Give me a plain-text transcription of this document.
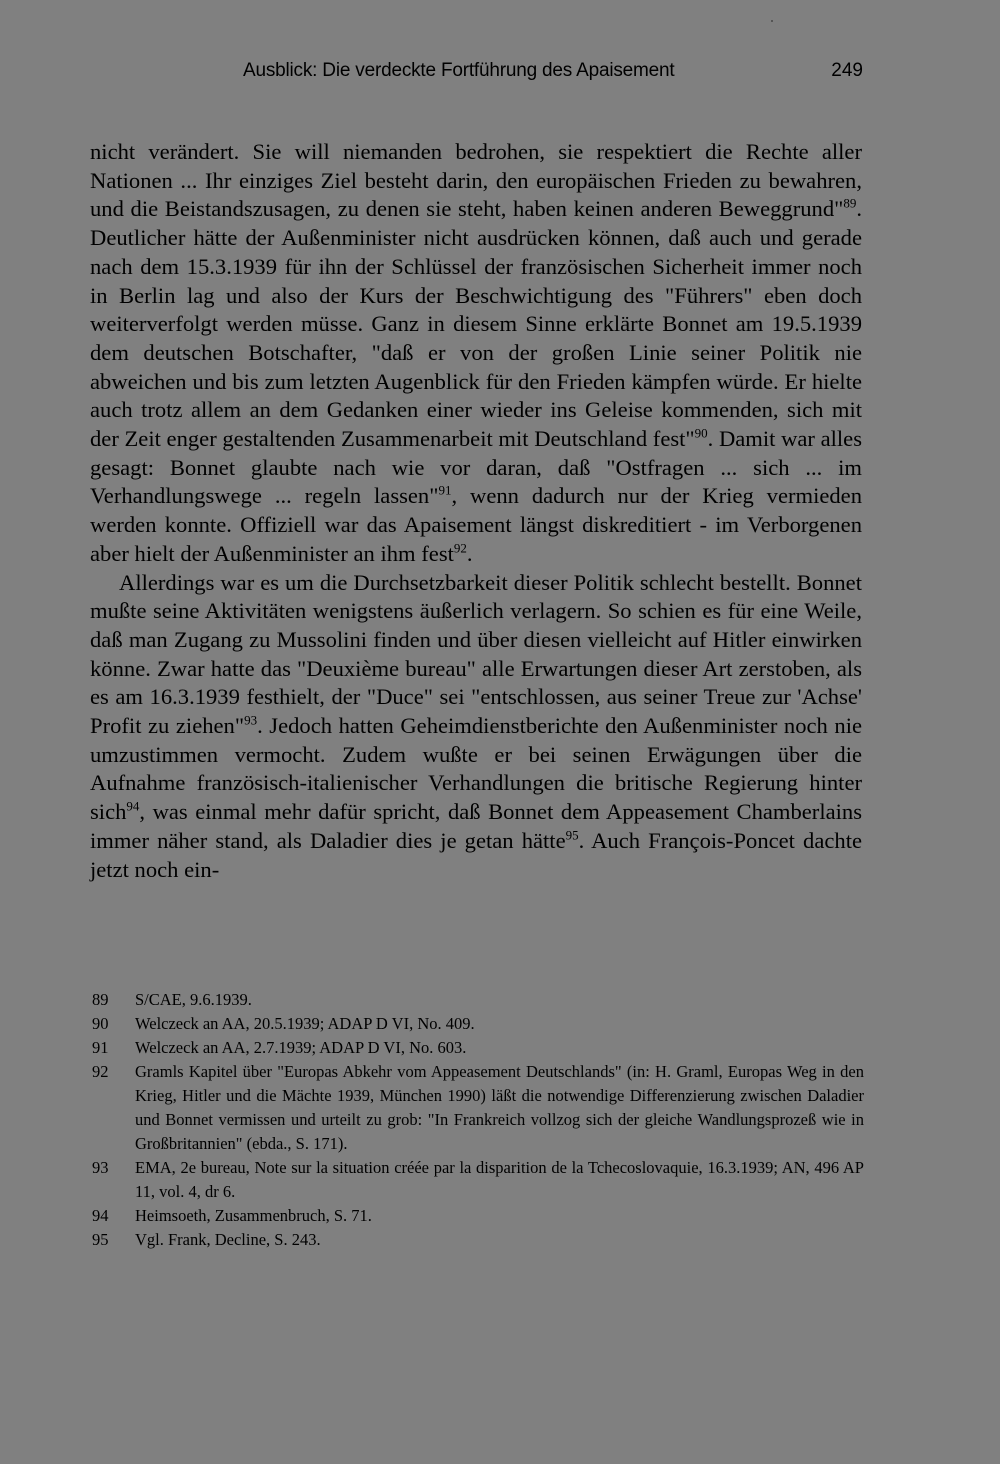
Ausblick: Die verdeckte Fortführung des Apaisement	249

nicht verändert. Sie will niemanden bedrohen, sie respektiert die Rechte aller Nationen ... Ihr einziges Ziel besteht darin, den europäischen Frieden zu bewahren, und die Beistandszusagen, zu denen sie steht, haben keinen anderen Beweggrund"$^{89}$. Deutlicher hätte der Außenminister nicht ausdrücken können, daß auch und gerade nach dem 15.3.1939 für ihn der Schlüssel der französischen Sicherheit immer noch in Berlin lag und also der Kurs der Beschwichtigung des "Führers" eben doch weiterverfolgt werden müsse. Ganz in diesem Sinne erklärte Bonnet am 19.5.1939 dem deutschen Botschafter, "daß er von der großen Linie seiner Politik nie abweichen und bis zum letzten Augenblick für den Frieden kämpfen würde. Er hielte auch trotz allem an dem Gedanken einer wieder ins Geleise kommenden, sich mit der Zeit enger gestaltenden Zusammenarbeit mit Deutschland fest"$^{90}$. Damit war alles gesagt: Bonnet glaubte nach wie vor daran, daß "Ostfragen ... sich ... im Verhandlungswege ... regeln lassen"$^{91}$, wenn dadurch nur der Krieg vermieden werden konnte. Offiziell war das Apaisement längst diskreditiert - im Verborgenen aber hielt der Außenminister an ihm fest$^{92}$.

Allerdings war es um die Durchsetzbarkeit dieser Politik schlecht bestellt. Bonnet mußte seine Aktivitäten wenigstens äußerlich verlagern. So schien es für eine Weile, daß man Zugang zu Mussolini finden und über diesen vielleicht auf Hitler einwirken könne. Zwar hatte das "Deuxième bureau" alle Erwartungen dieser Art zerstoben, als es am 16.3.1939 festhielt, der "Duce" sei "entschlossen, aus seiner Treue zur 'Achse' Profit zu ziehen"$^{93}$. Jedoch hatten Geheimdienstberichte den Außenminister noch nie umzustimmen vermocht. Zudem wußte er bei seinen Erwägungen über die Aufnahme französisch-italienischer Verhandlungen die britische Regierung hinter sich$^{94}$, was einmal mehr dafür spricht, daß Bonnet dem Appeasement Chamberlains immer näher stand, als Daladier dies je getan hätte$^{95}$. Auch François-Poncet dachte jetzt noch ein-

89	S/CAE, 9.6.1939.
90	Welczeck an AA, 20.5.1939; ADAP D VI, No. 409.
91	Welczeck an AA, 2.7.1939; ADAP D VI, No. 603.
92	Gramls Kapitel über "Europas Abkehr vom Appeasement Deutschlands" (in: H. Graml, Europas Weg in den Krieg, Hitler und die Mächte 1939, München 1990) läßt die notwendige Differenzierung zwischen Daladier und Bonnet vermissen und urteilt zu grob: "In Frankreich vollzog sich der gleiche Wandlungsprozeß wie in Großbritannien" (ebda., S. 171).
93	EMA, 2e bureau, Note sur la situation créée par la disparition de la Tchecoslovaquie, 16.3.1939; AN, 496 AP 11, vol. 4, dr 6.
94	Heimsoeth, Zusammenbruch, S. 71.
95	Vgl. Frank, Decline, S. 243.
